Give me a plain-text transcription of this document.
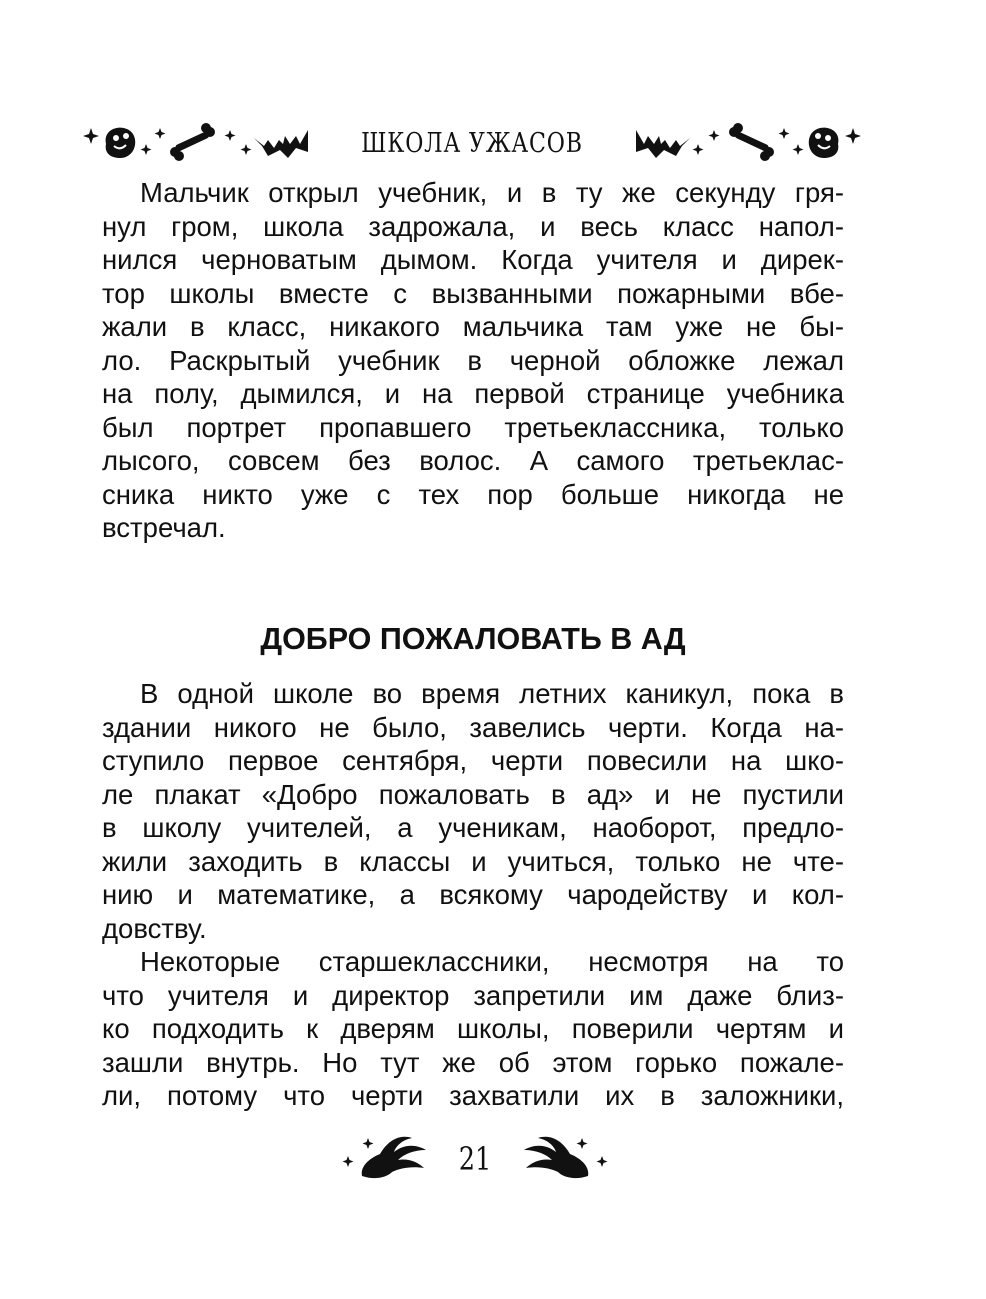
ШКОЛА УЖАСОВ
Мальчик открыл учебник, и в ту же секунду гря-
нул гром, школа задрожала, и весь класс напол-
нился черноватым дымом. Когда учителя и дирек-
тор школы вместе с вызванными пожарными вбе-
жали в класс, никакого мальчика там уже не бы-
ло. Раскрытый учебник в черной обложке лежал
на полу, дымился, и на первой странице учебника
был портрет пропавшего третьеклассника, только
лысого, совсем без волос. А самого третьеклас-
сника никто уже с тех пор больше никогда не
встречал.
ДОБРО ПОЖАЛОВАТЬ В АД
В одной школе во время летних каникул, пока в
здании никого не было, завелись черти. Когда на-
ступило первое сентября, черти повесили на шко-
ле плакат «Добро пожаловать в ад» и не пустили
в школу учителей, а ученикам, наоборот, предло-
жили заходить в классы и учиться, только не чте-
нию и математике, а всякому чародейству и кол-
довству.
Некоторые старшеклассники, несмотря на то
что учителя и директор запретили им даже близ-
ко подходить к дверям школы, поверили чертям и
зашли внутрь. Но тут же об этом горько пожале-
ли, потому что черти захватили их в заложники,
21
